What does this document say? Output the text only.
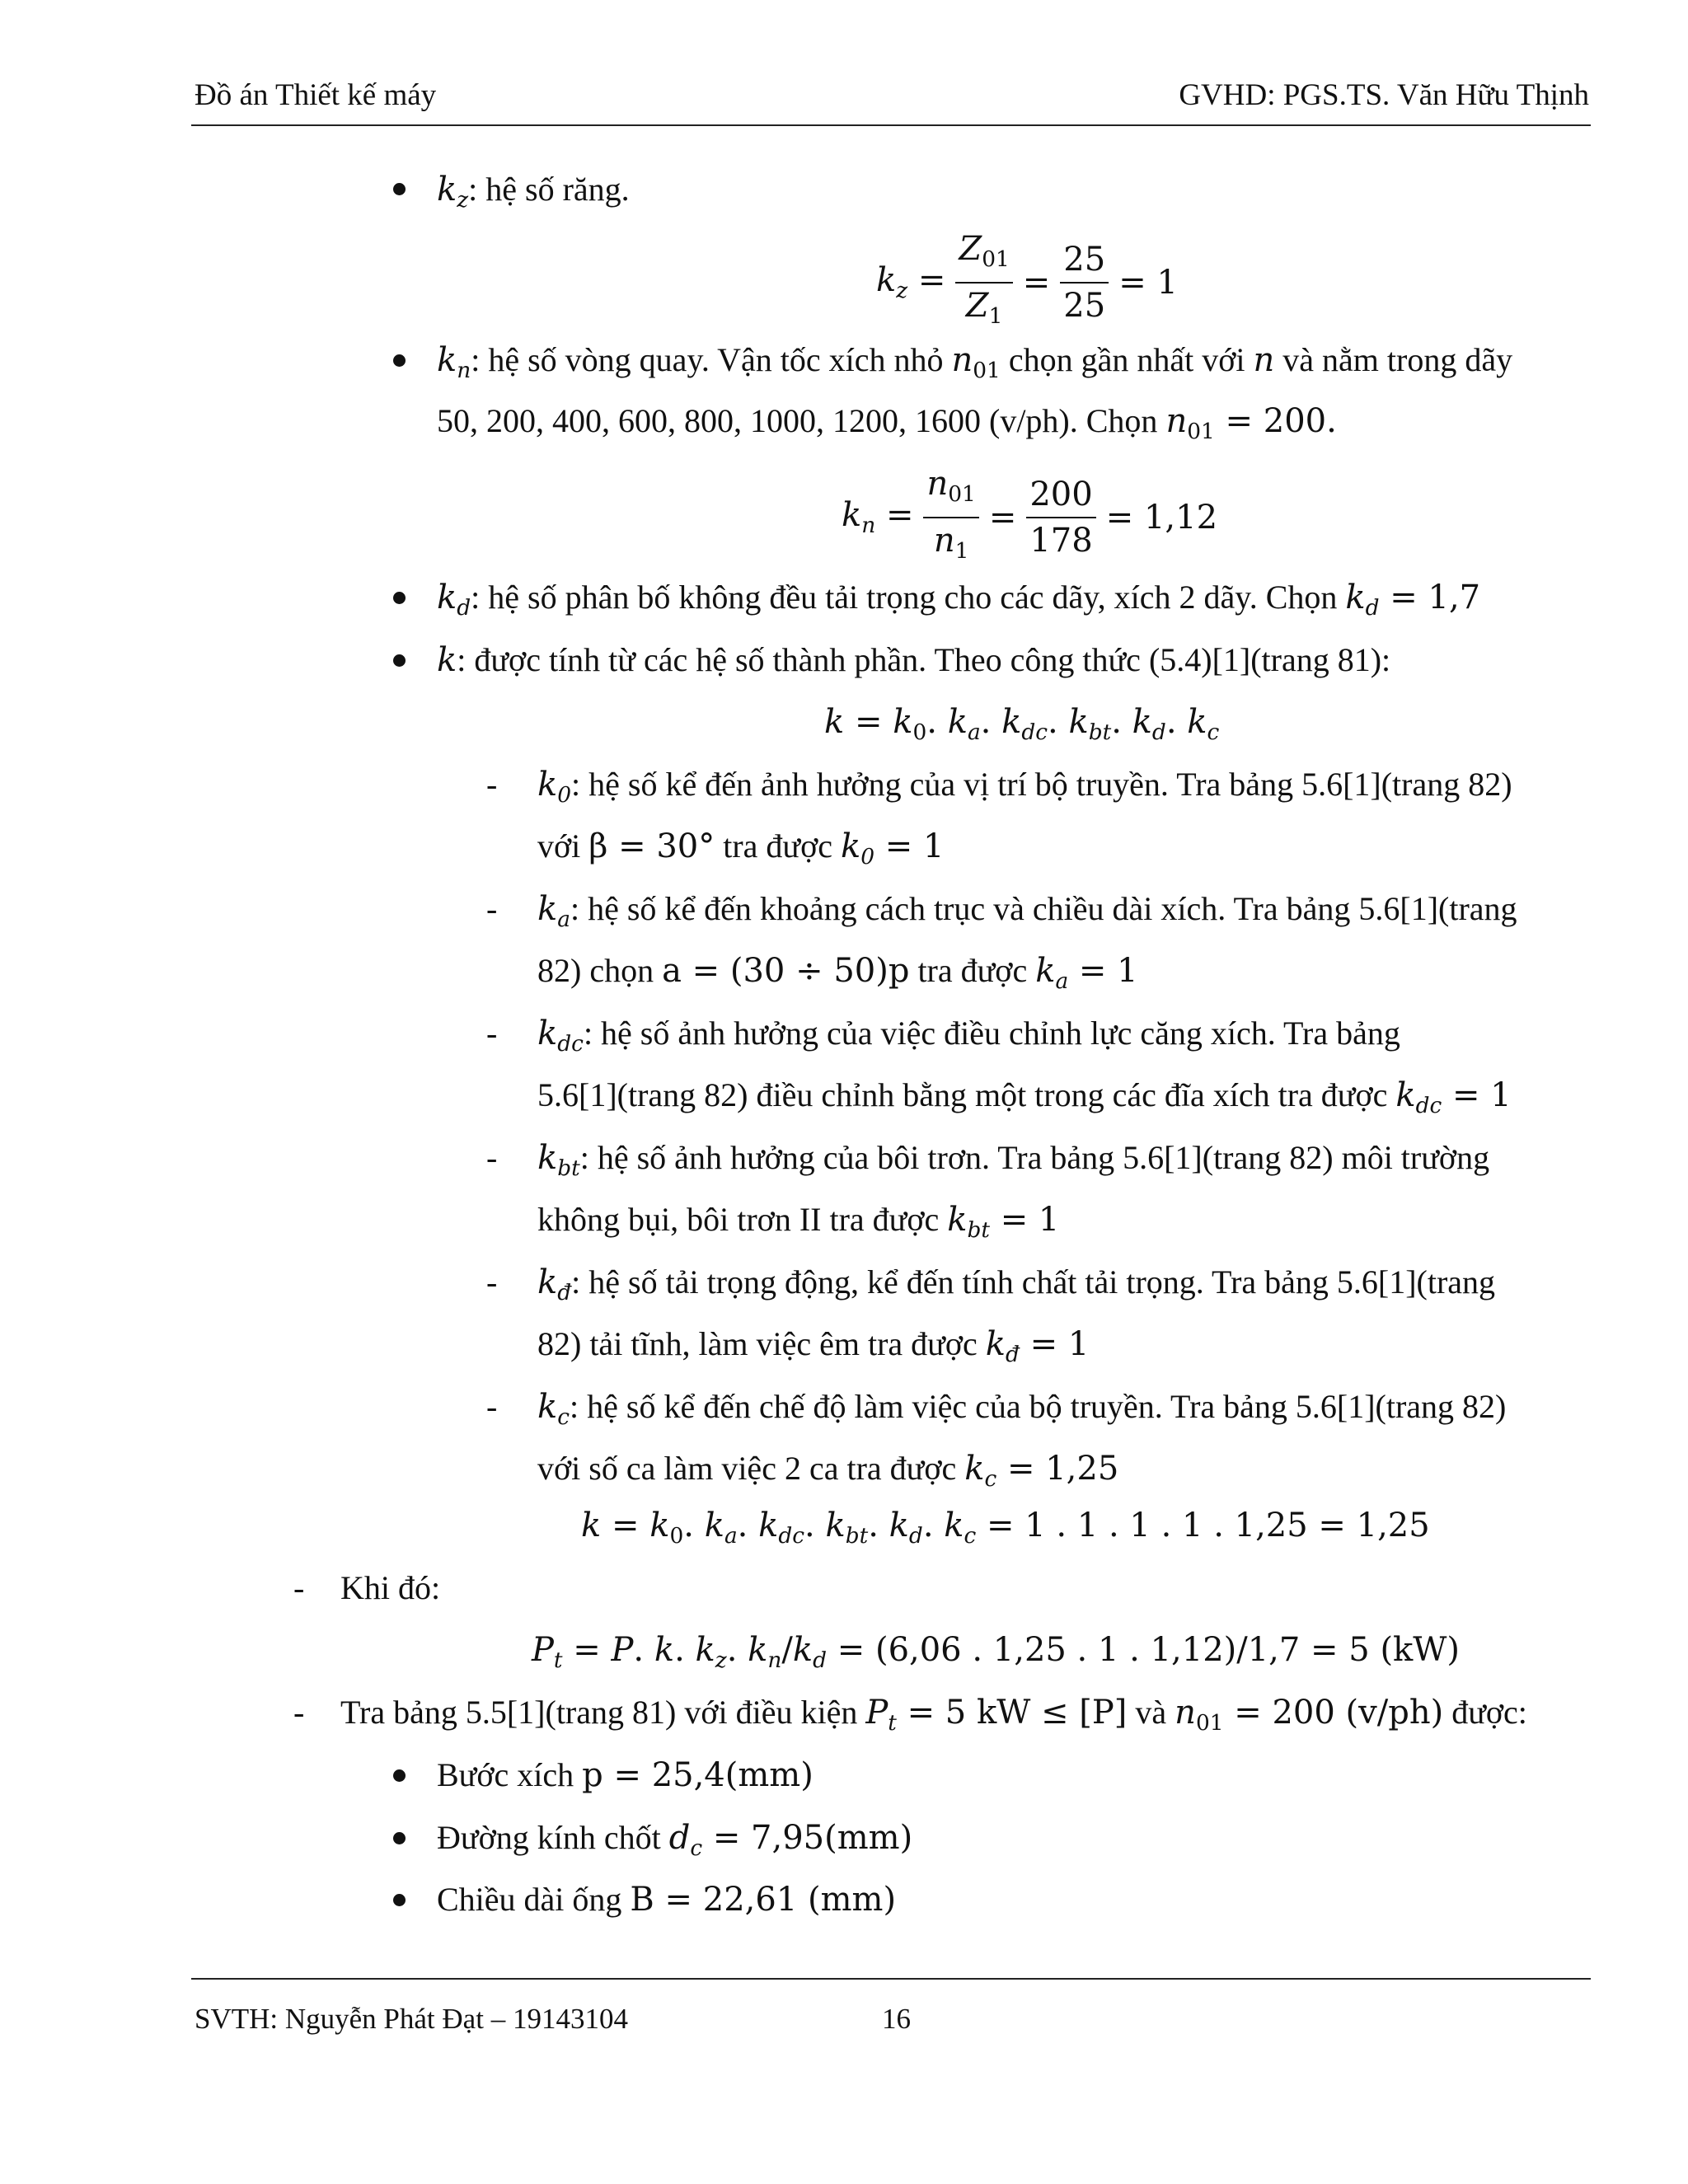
Đồ án Thiết kế máy	GVHD: PGS.TS. Văn Hữu Thịnh
$k_z$: hệ số răng.
$k_z = \frac{Z_{01}}{Z_1} = \frac{25}{25} = 1$
$k_n$: hệ số vòng quay. Vận tốc xích nhỏ $n_{01}$ chọn gần nhất với n và nằm trong dãy
50, 200, 400, 600, 800, 1000, 1200, 1600 (v/ph). Chọn $n_{01} = 200$.
$k_n = \frac{n_{01}}{n_1} = \frac{200}{178} = 1,12$
$k_d$: hệ số phân bố không đều tải trọng cho các dãy, xích 2 dãy. Chọn $k_d = 1,7$
k: được tính từ các hệ số thành phần. Theo công thức (5.4)[1](trang 81):
$k = k_0$. $k_a$. $k_{dc}$. $k_{bt}$. $k_d$. $k_c$
- $k_0$: hệ số kể đến ảnh hưởng của vị trí bộ truyền. Tra bảng 5.6[1](trang 82)
với β = 30° tra được $k_0 = 1$
- $k_a$: hệ số kể đến khoảng cách trục và chiều dài xích. Tra bảng 5.6[1](trang
82) chọn a = (30 ÷ 50)p tra được $k_a = 1$
- $k_{dc}$: hệ số ảnh hưởng của việc điều chỉnh lực căng xích. Tra bảng
5.6[1](trang 82) điều chỉnh bằng một trong các đĩa xích tra được $k_{dc} = 1$
- $k_{bt}$: hệ số ảnh hưởng của bôi trơn. Tra bảng 5.6[1](trang 82) môi trường
không bụi, bôi trơn II tra được $k_{bt} = 1$
- $k_đ$: hệ số tải trọng động, kể đến tính chất tải trọng. Tra bảng 5.6[1](trang
82) tải tĩnh, làm việc êm tra được $k_đ = 1$
- $k_c$: hệ số kể đến chế độ làm việc của bộ truyền. Tra bảng 5.6[1](trang 82)
với số ca làm việc 2 ca tra được $k_c = 1,25$
$k = k_0$. $k_a$. $k_{dc}$. $k_{bt}$. $k_d$. $k_c = 1$ . 1 . 1 . 1 . 1,25 = 1,25
- Khi đó:
$P_t = P$. k. $k_z$. $k_n/k_d = (6,06$ . 1,25 . 1 . 1,12)/1,7 = 5 (kW)
- Tra bảng 5.5[1](trang 81) với điều kiện $P_t = 5$ kW ≤ [P] và $n_{01} = 200$ (v/ph) được:
Bước xích p = 25,4(mm)
Đường kính chốt $d_c = 7,95(mm)$
Chiều dài ống B = 22,61 (mm)
SVTH: Nguyễn Phát Đạt – 19143104	16
